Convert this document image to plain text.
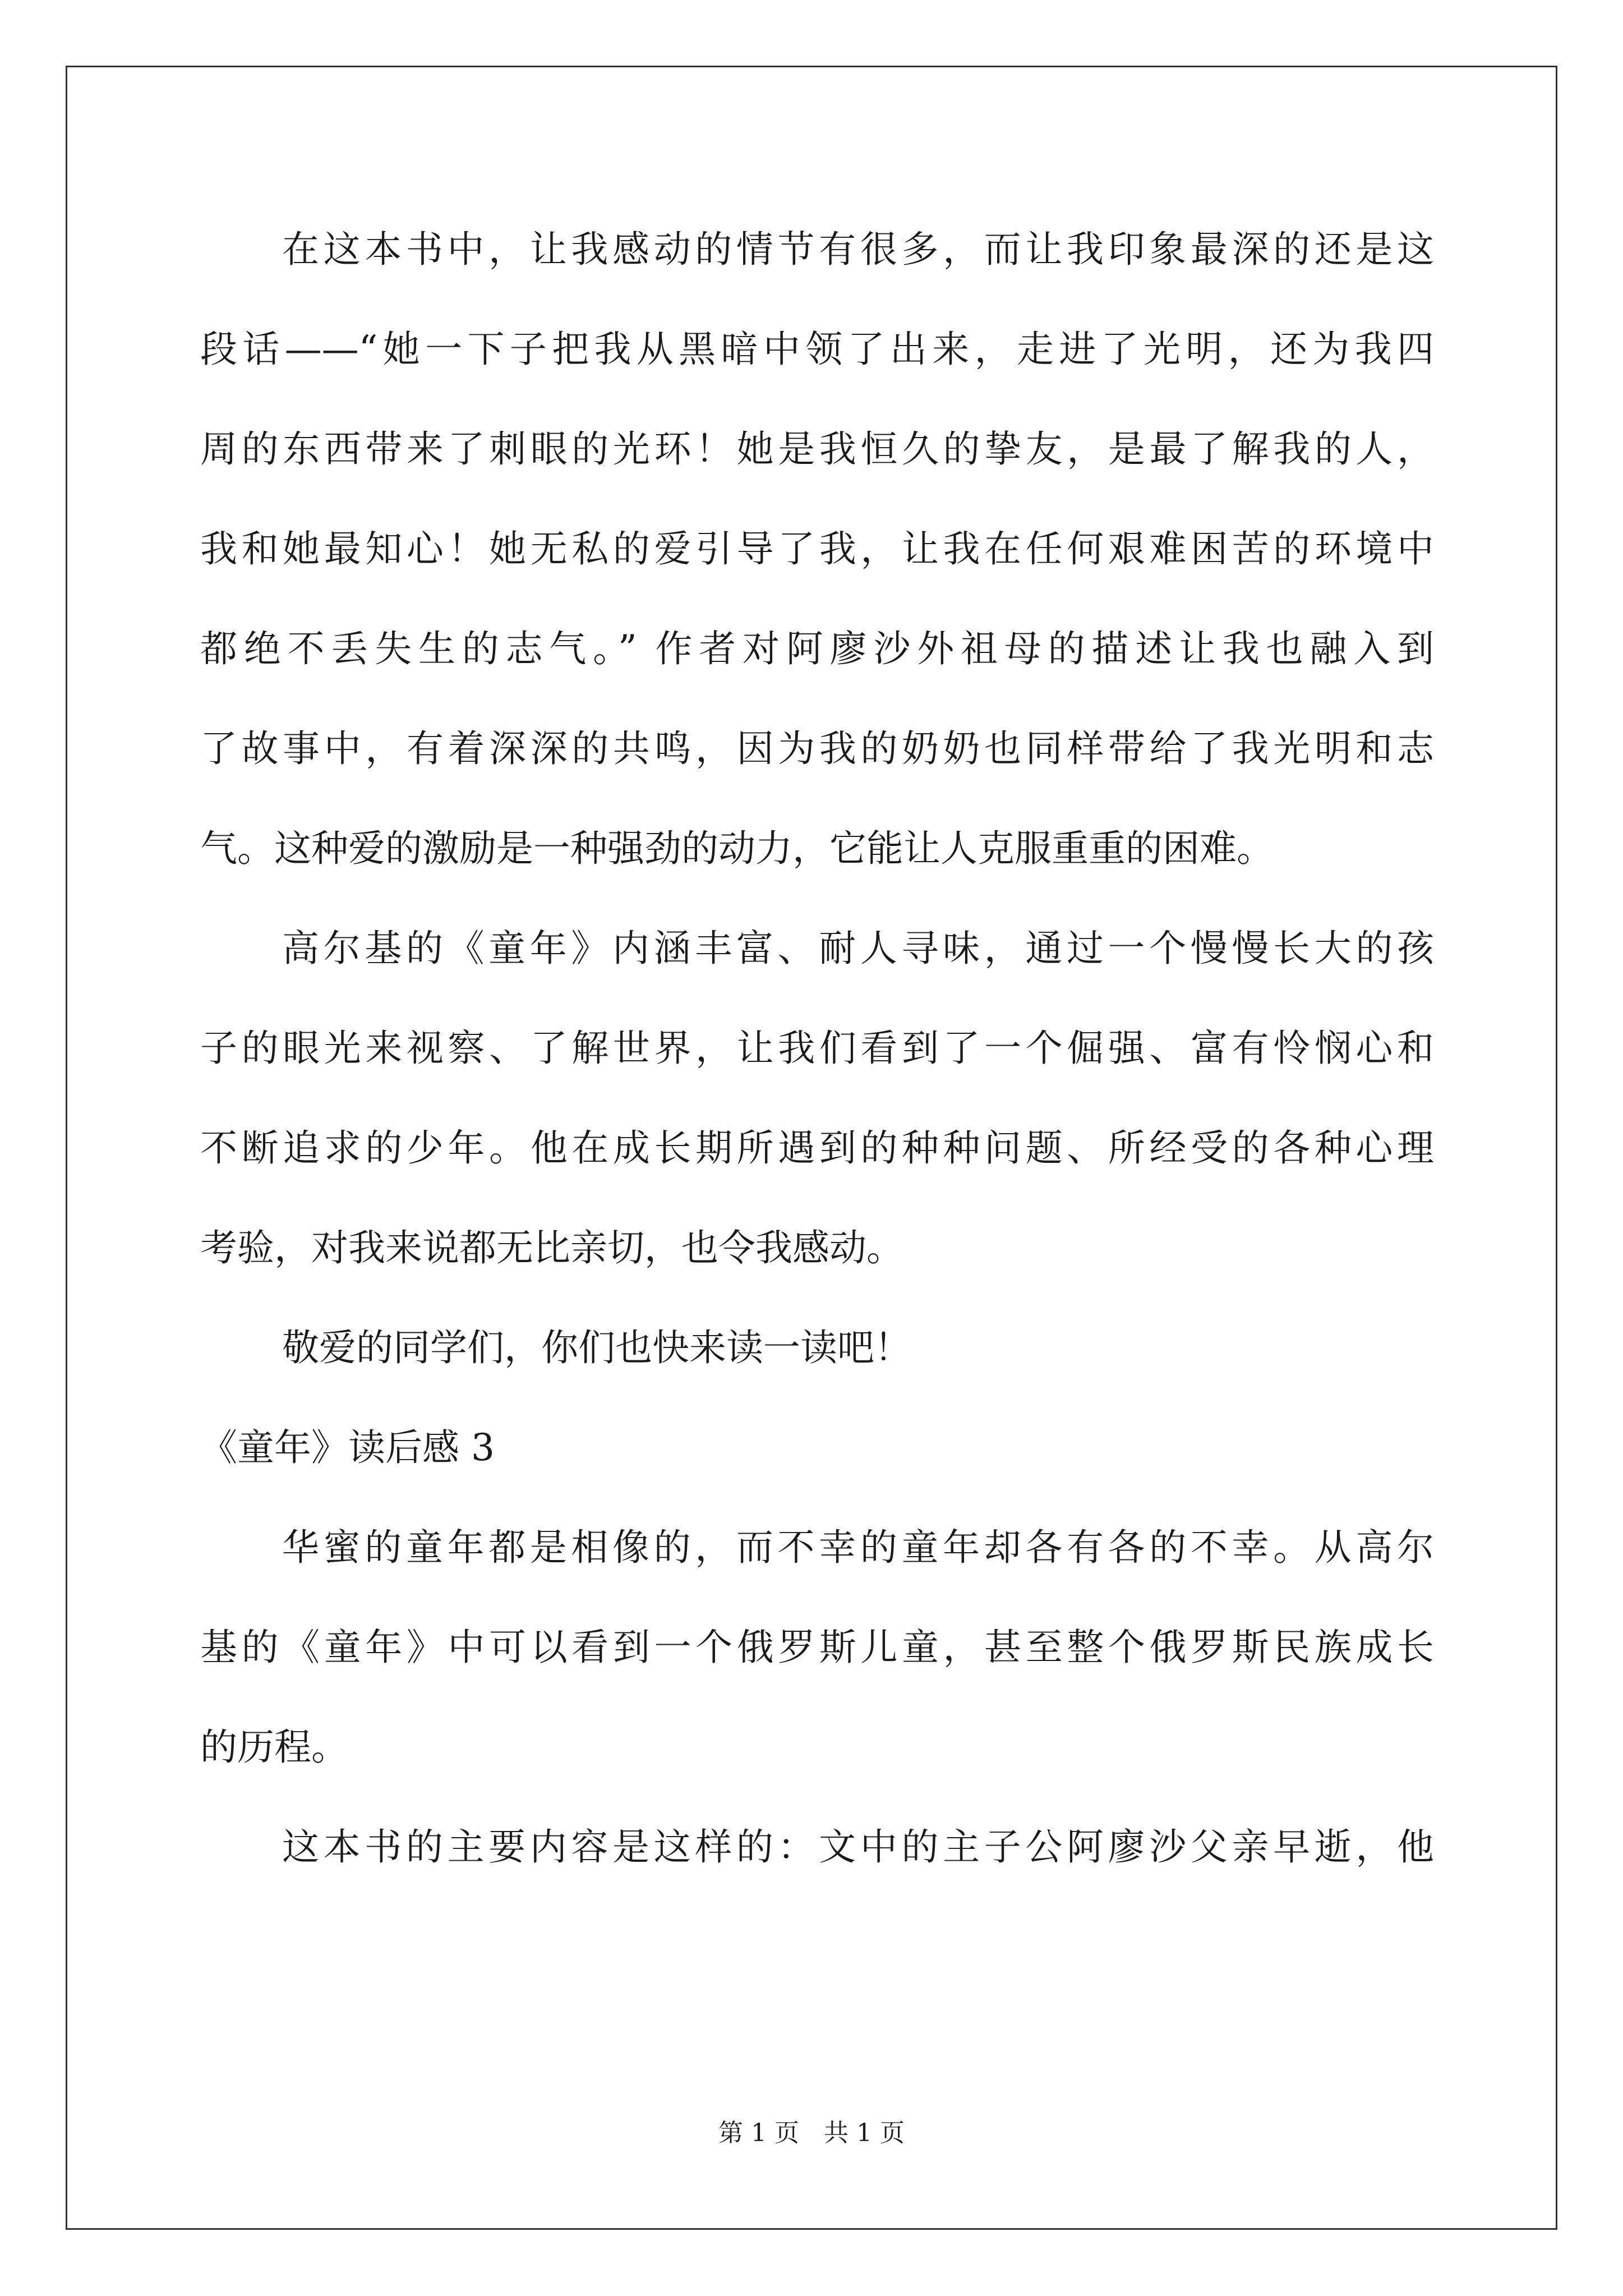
在这本书中，让我感动的情节有很多，而让我印象最深的还是这
段话——“她一下子把我从黑暗中领了出来，走进了光明，还为我四
周的东西带来了刺眼的光环！她是我恒久的挚友，是最了解我的人，
我和她最知心！她无私的爱引导了我，让我在任何艰难困苦的环境中
都绝不丢失生的志气。” 作者对阿廖沙外祖母的描述让我也融入到
了故事中，有着深深的共鸣，因为我的奶奶也同样带给了我光明和志
气。这种爱的激励是一种强劲的动力，它能让人克服重重的困难。
高尔基的《童年》内涵丰富、耐人寻味，通过一个慢慢长大的孩
子的眼光来视察、了解世界，让我们看到了一个倔强、富有怜悯心和
不断追求的少年。他在成长期所遇到的种种问题、所经受的各种心理
考验，对我来说都无比亲切，也令我感动。
敬爱的同学们，你们也快来读一读吧！
《童年》读后感 3
华蜜的童年都是相像的，而不幸的童年却各有各的不幸。从高尔
基的《童年》中可以看到一个俄罗斯儿童，甚至整个俄罗斯民族成长
的历程。
这本书的主要内容是这样的：文中的主子公阿廖沙父亲早逝，他
第 1 页　共 1 页
